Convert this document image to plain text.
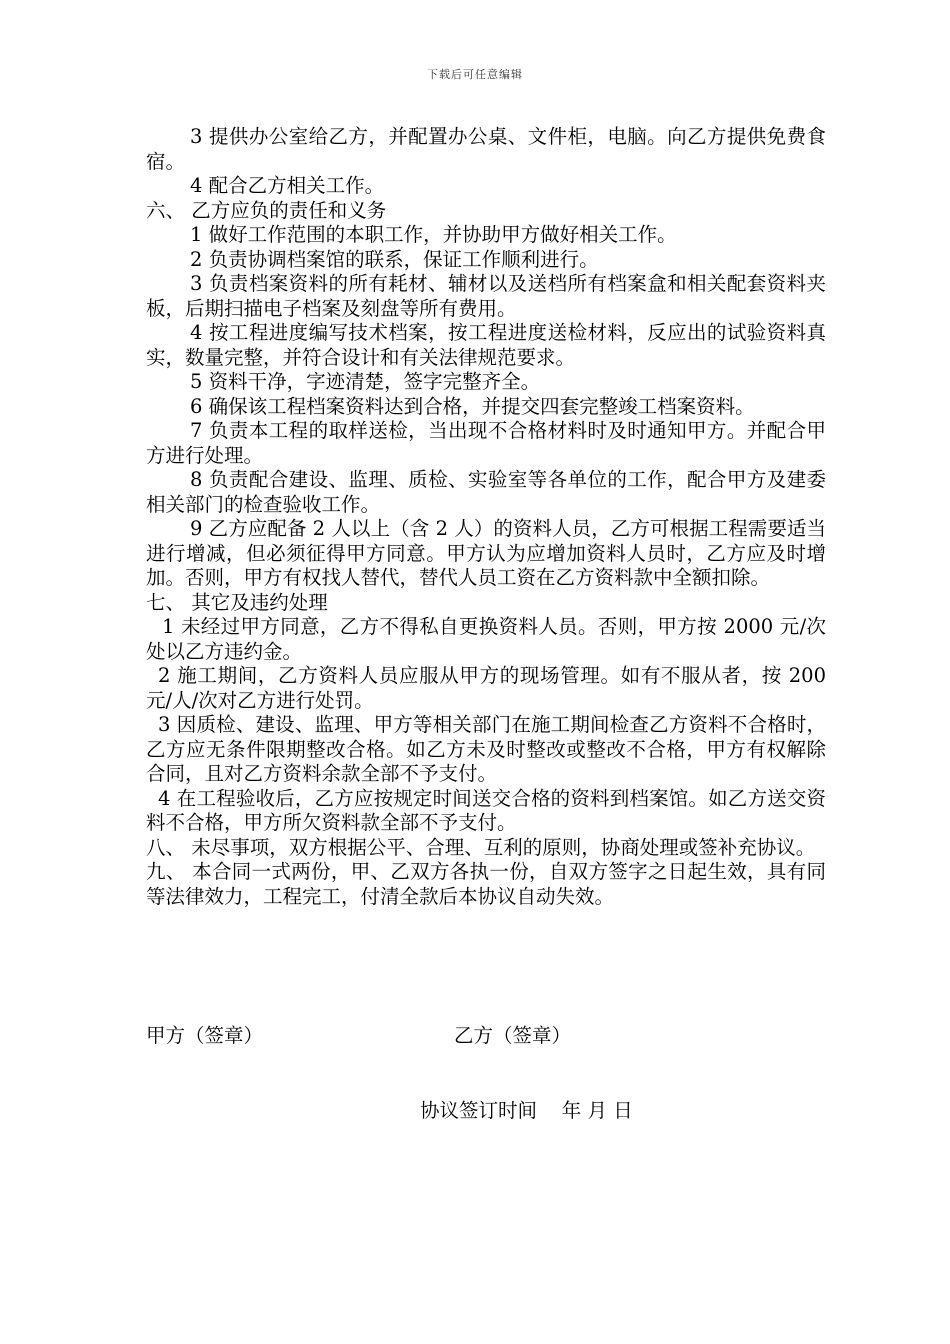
下载后可任意编辑

3 提供办公室给乙方，并配置办公桌、文件柜，电脑。向乙方提供免费食宿。

4 配合乙方相关工作。

六、 乙方应负的责任和义务

1 做好工作范围的本职工作，并协助甲方做好相关工作。

2 负责协调档案馆的联系，保证工作顺利进行。

3 负责档案资料的所有耗材、辅材以及送档所有档案盒和相关配套资料夹板，后期扫描电子档案及刻盘等所有费用。

4 按工程进度编写技术档案，按工程进度送检材料，反应出的试验资料真实，数量完整，并符合设计和有关法律规范要求。

5 资料干净，字迹清楚，签字完整齐全。

6 确保该工程档案资料达到合格，并提交四套完整竣工档案资料。

7 负责本工程的取样送检，当出现不合格材料时及时通知甲方。并配合甲方进行处理。

8 负责配合建设、监理、质检、实验室等各单位的工作，配合甲方及建委相关部门的检查验收工作。

9 乙方应配备 2 人以上（含 2 人）的资料人员，乙方可根据工程需要适当进行增减，但必须征得甲方同意。甲方认为应增加资料人员时，乙方应及时增加。否则，甲方有权找人替代，替代人员工资在乙方资料款中全额扣除。

七、 其它及违约处理

1 未经过甲方同意，乙方不得私自更换资料人员。否则，甲方按 2000 元/次处以乙方违约金。

2 施工期间，乙方资料人员应服从甲方的现场管理。如有不服从者，按 200 元/人/次对乙方进行处罚。

3 因质检、建设、监理、甲方等相关部门在施工期间检查乙方资料不合格时，乙方应无条件限期整改合格。如乙方未及时整改或整改不合格，甲方有权解除合同，且对乙方资料余款全部不予支付。

4 在工程验收后，乙方应按规定时间送交合格的资料到档案馆。如乙方送交资料不合格，甲方所欠资料款全部不予支付。

八、 未尽事项，双方根据公平、合理、互利的原则，协商处理或签补充协议。

九、 本合同一式两份，甲、乙双方各执一份，自双方签字之日起生效，具有同等法律效力，工程完工，付清全款后本协议自动失效。

甲方（签章）	乙方（签章）
协议签订时间    年 月 日
